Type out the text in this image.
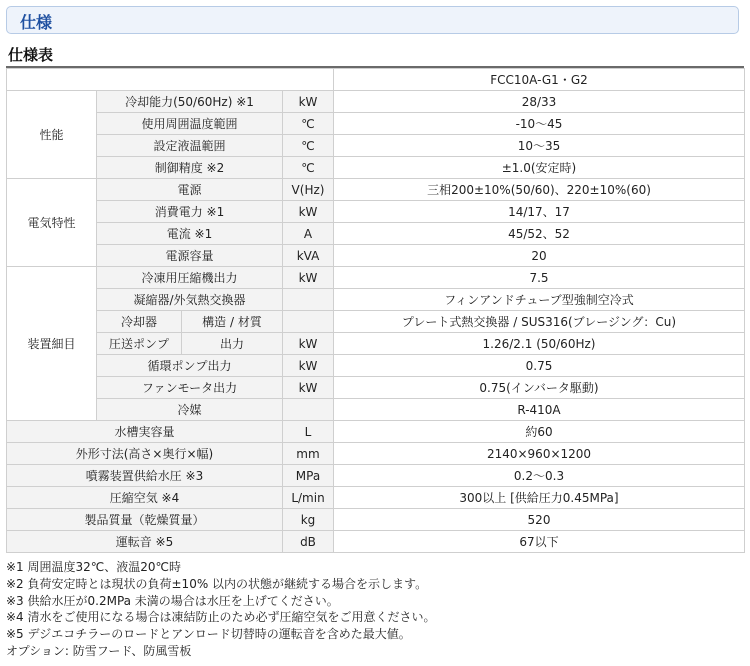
仕様
仕様表
				FCC10A-G1・G2
性能	冷却能力(50/60Hz) ※1		kW	28/33
	使用周囲温度範囲		℃	-10～45
	設定液温範囲		℃	10～35
	制御精度 ※2		℃	±1.0(安定時)
電気特性	電源		V(Hz)	三相200±10%(50/60)、220±10%(60)
	消費電力 ※1		kW	14/17、17
	電流 ※1		A	45/52、52
	電源容量		kVA	20
装置細目	冷凍用圧縮機出力		kW	7.5
	凝縮器/外気熱交換器			フィンアンドチューブ型強制空冷式
	冷却器	構造 / 材質		プレート式熱交換器 / SUS316(ブレージング：Cu)
	圧送ポンプ	出力	kW	1.26/2.1 (50/60Hz)
	循環ポンプ出力		kW	0.75
	ファンモータ出力		kW	0.75(インバータ駆動)
	冷媒			R-410A
水槽実容量			L	約60
外形寸法(高さ×奥行×幅)			mm	2140×960×1200
噴霧装置供給水圧 ※3			MPa	0.2～0.3
圧縮空気 ※4			L/min	300以上 [供給圧力0.45MPa]
製品質量（乾燥質量）			kg	520
運転音 ※5			dB	67以下
※1 周囲温度32℃、液温20℃時
※2 負荷安定時とは現状の負荷±10% 以内の状態が継続する場合を示します。
※3 供給水圧が0.2MPa 未満の場合は水圧を上げてください。
※4 清水をご使用になる場合は凍結防止のため必ず圧縮空気をご用意ください。
※5 デジエコチラーのロードとアンロード切替時の運転音を含めた最大値。
オプション: 防雪フード、防風雪板
